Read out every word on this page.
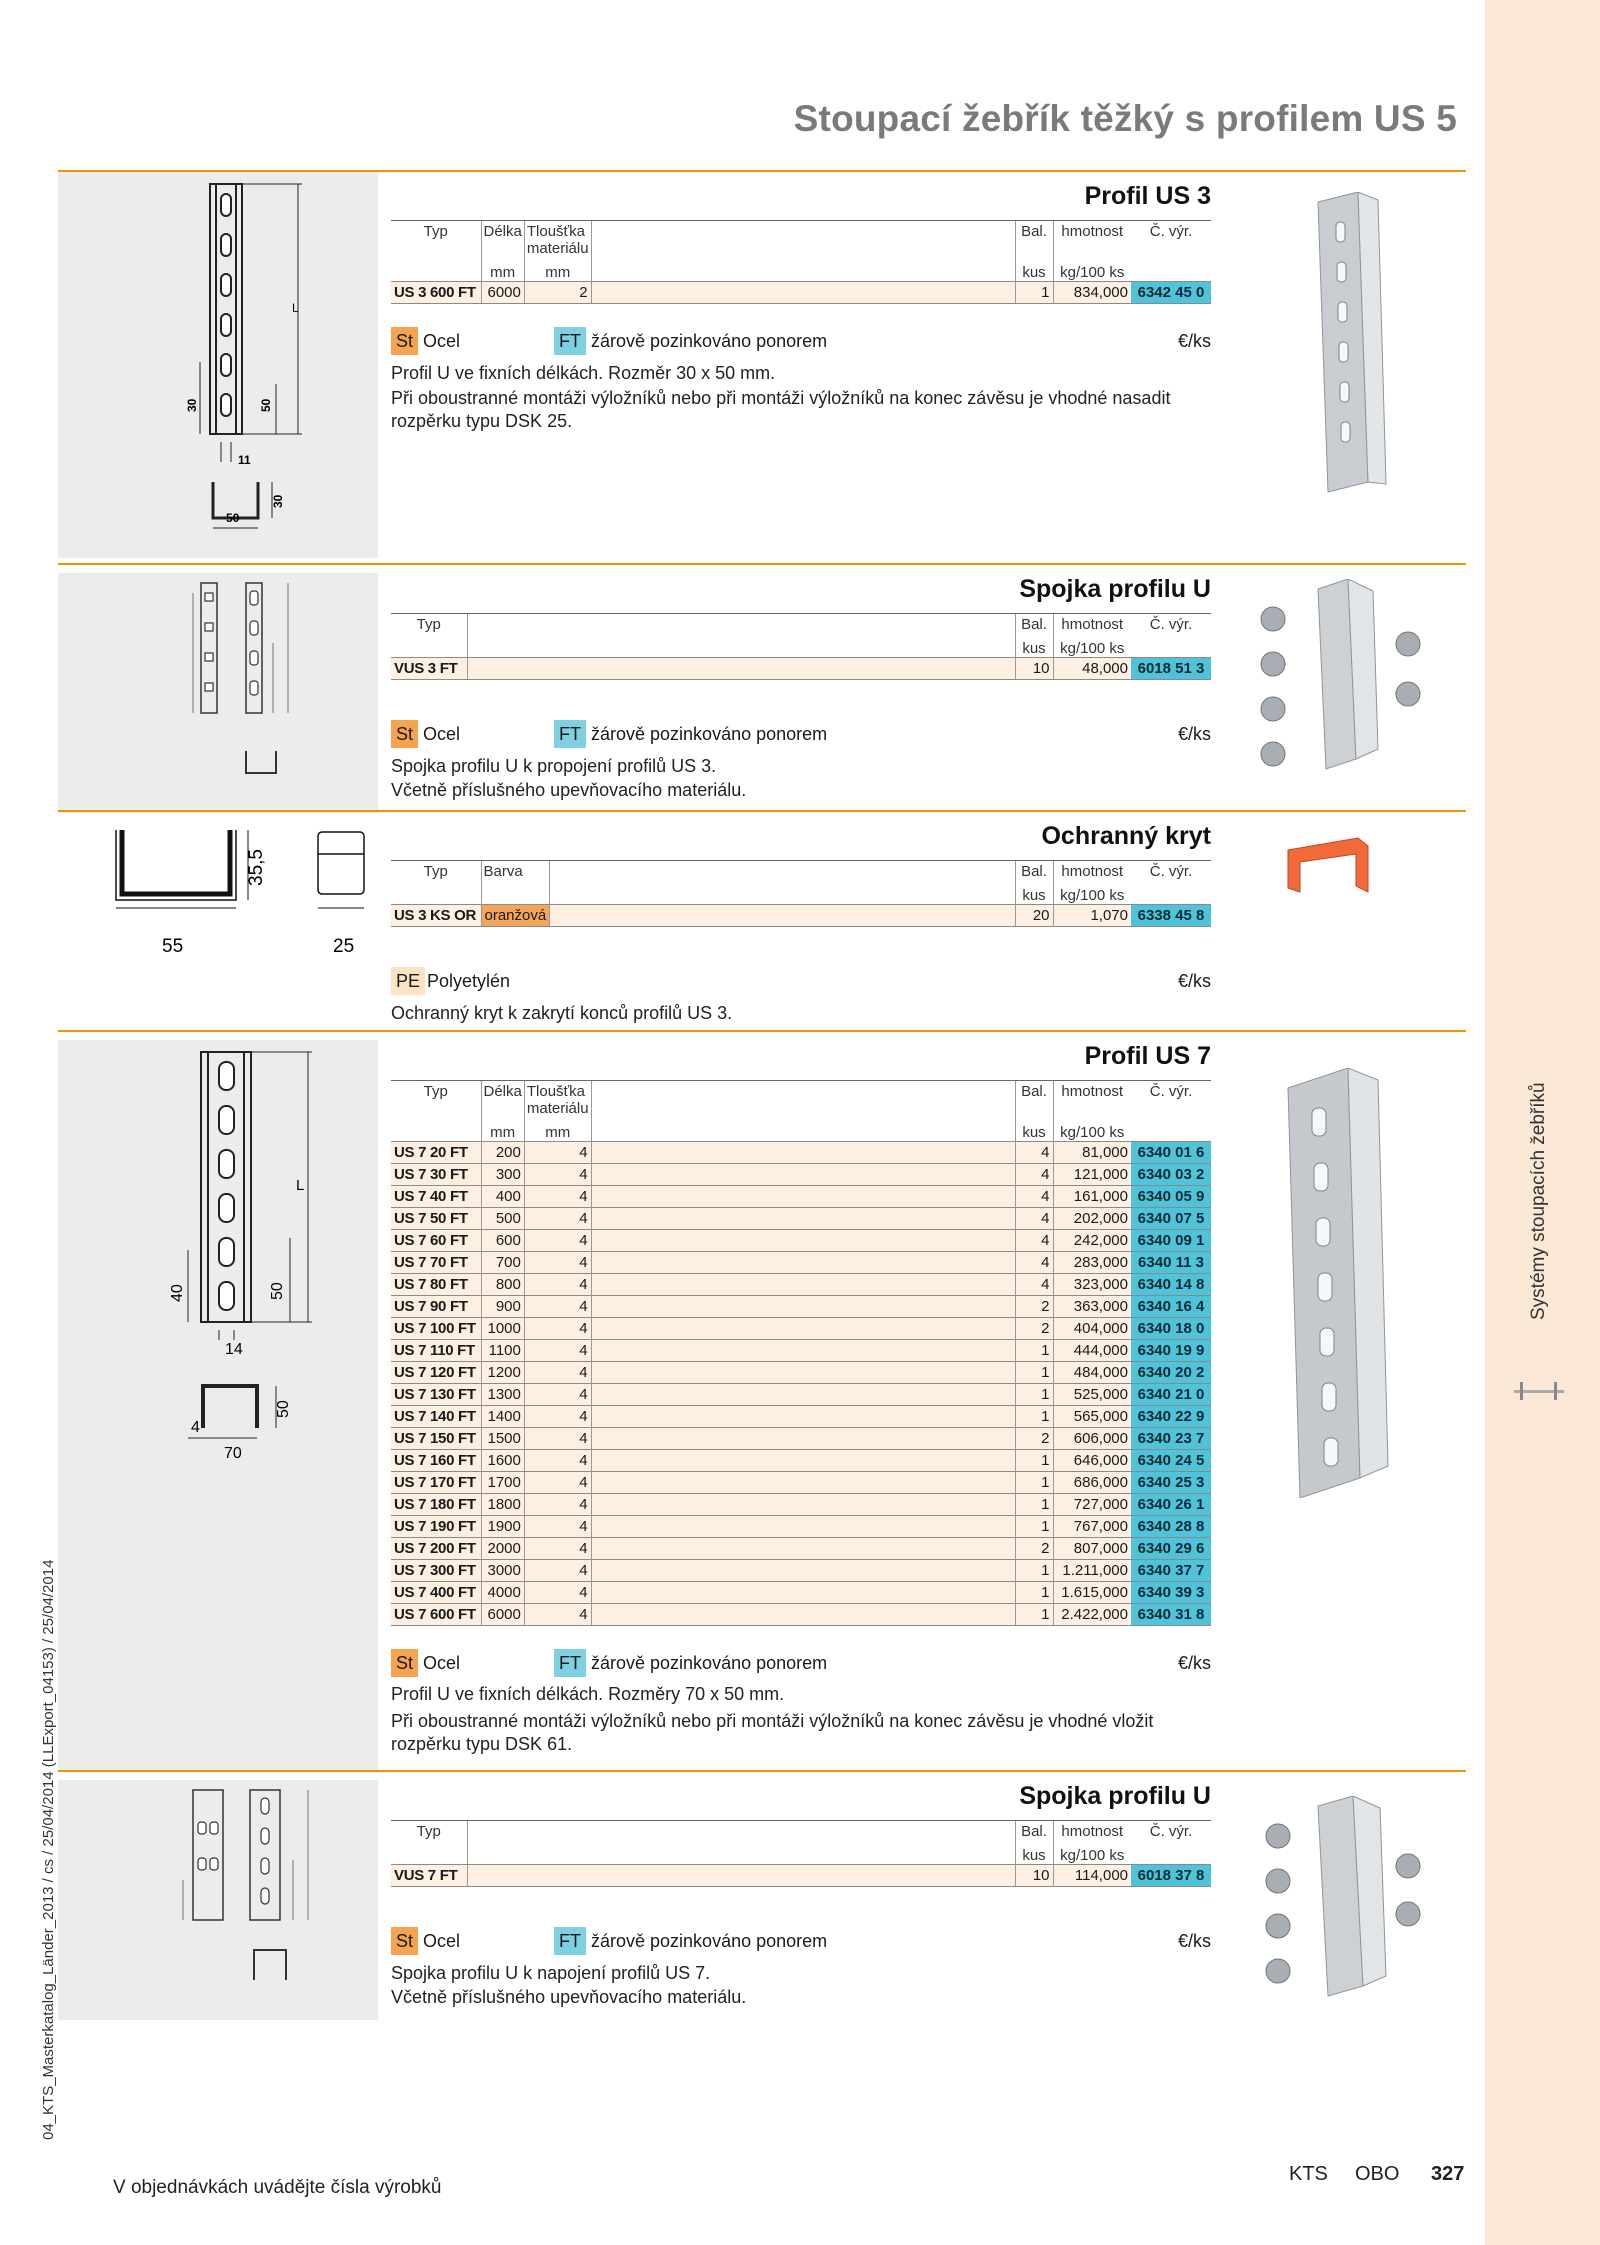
Systémy stoupacích žebříků
04_KTS_Masterkatalog_Länder_2013 / cs / 25/04/2014 (LLExport_04153) / 25/04/2014
Stoupací žebřík těžký s profilem US 5
L
50
30
11
50
30
Profil US 3
Typ	Délka	Tloušťka materiálu		Bal.	hmotnost	Č. výr.
	mm	mm		kus	kg/100 ks	
US 3 600 FT	6000	2		1	834,000	6342 45 0
St Ocel	FT žárově pozinkováno ponorem	€/ks
Profil U ve fixních délkách. Rozměr 30 x 50 mm.
Při oboustranné montáži výložníků nebo při montáži výložníků na konec závěsu je vhodné nasadit rozpěrku typu DSK 25.
Spojka profilu U
Typ		Bal.	hmotnost	Č. výr.
		kus	kg/100 ks	
VUS 3 FT		10	48,000	6018 51 3
St Ocel	FT žárově pozinkováno ponorem	€/ks
Spojka profilu U k propojení profilů US 3.
Včetně příslušného upevňovacího materiálu.
55
35,5
25
Ochranný kryt
Typ	Barva		Bal.	hmotnost	Č. výr.
			kus	kg/100 ks	
US 3 KS OR	oranžová		20	1,070	6338 45 8
PE Polyetylén	€/ks
Ochranný kryt k zakrytí konců profilů US 3.
L
50
40
14
4
70
50
Profil US 7
Typ	Délka	Tloušťka materiálu		Bal.	hmotnost	Č. výr.
	mm	mm		kus	kg/100 ks	
US 7 20 FT	200	4		4	81,000	6340 01 6
US 7 30 FT	300	4		4	121,000	6340 03 2
US 7 40 FT	400	4		4	161,000	6340 05 9
US 7 50 FT	500	4		4	202,000	6340 07 5
US 7 60 FT	600	4		4	242,000	6340 09 1
US 7 70 FT	700	4		4	283,000	6340 11 3
US 7 80 FT	800	4		4	323,000	6340 14 8
US 7 90 FT	900	4		2	363,000	6340 16 4
US 7 100 FT	1000	4		2	404,000	6340 18 0
US 7 110 FT	1100	4		1	444,000	6340 19 9
US 7 120 FT	1200	4		1	484,000	6340 20 2
US 7 130 FT	1300	4		1	525,000	6340 21 0
US 7 140 FT	1400	4		1	565,000	6340 22 9
US 7 150 FT	1500	4		2	606,000	6340 23 7
US 7 160 FT	1600	4		1	646,000	6340 24 5
US 7 170 FT	1700	4		1	686,000	6340 25 3
US 7 180 FT	1800	4		1	727,000	6340 26 1
US 7 190 FT	1900	4		1	767,000	6340 28 8
US 7 200 FT	2000	4		2	807,000	6340 29 6
US 7 300 FT	3000	4		1	1.211,000	6340 37 7
US 7 400 FT	4000	4		1	1.615,000	6340 39 3
US 7 600 FT	6000	4		1	2.422,000	6340 31 8
St Ocel	FT žárově pozinkováno ponorem	€/ks
Profil U ve fixních délkách. Rozměry 70 x 50 mm.
Při oboustranné montáži výložníků nebo při montáži výložníků na konec závěsu je vhodné vložit rozpěrku typu DSK 61.
Spojka profilu U
Typ		Bal.	hmotnost	Č. výr.
		kus	kg/100 ks	
VUS 7 FT		10	114,000	6018 37 8
St Ocel	FT žárově pozinkováno ponorem	€/ks
Spojka profilu U k napojení profilů US 7.
Včetně příslušného upevňovacího materiálu.
V objednávkách uvádějte čísla výrobků
KTS OBO 327
